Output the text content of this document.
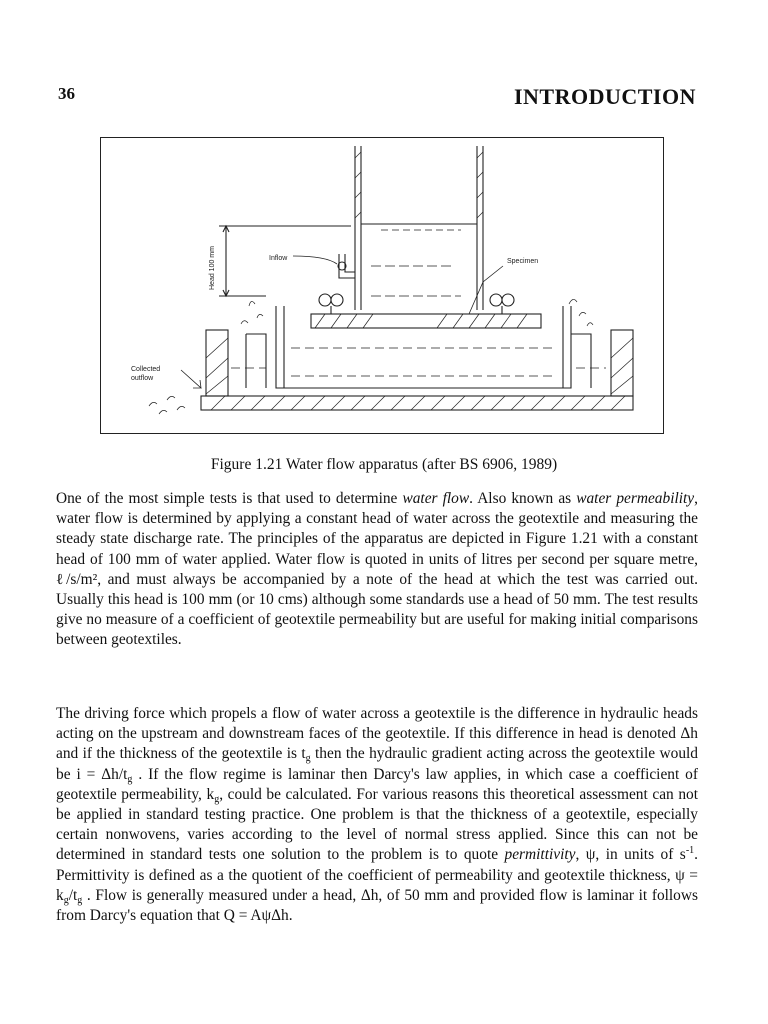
36	INTRODUCTION
Head 100 mm	Inflow	Specimen
Collected
outflow
Figure 1.21 Water flow apparatus (after BS 6906, 1989)

One of the most simple tests is that used to determine water flow. Also known as water permeability, water flow is determined by applying a constant head of water across the geotextile and measuring the steady state discharge rate. The principles of the apparatus are depicted in Figure 1.21 with a constant head of 100 mm of water applied. Water flow is quoted in units of litres per second per square metre, ℓ/s/m², and must always be accompanied by a note of the head at which the test was carried out. Usually this head is 100 mm (or 10 cms) although some standards use a head of 50 mm. The test results give no measure of a coefficient of geotextile permeability but are useful for making initial comparisons between geotextiles.

The driving force which propels a flow of water across a geotextile is the difference in hydraulic heads acting on the upstream and downstream faces of the geotextile. If this difference in head is denoted Δh and if the thickness of the geotextile is $t_g$ then the hydraulic gradient acting across the geotextile would be $i = \Delta h/t_g$ . If the flow regime is laminar then Darcy's law applies, in which case a coefficient of geotextile permeability, $k_g$, could be calculated. For various reasons this theoretical assessment can not be applied in standard testing practice. One problem is that the thickness of a geotextile, especially certain nonwovens, varies according to the level of normal stress applied. Since this can not be determined in standard tests one solution to the problem is to quote permittivity, ψ, in units of $s^{-1}$. Permittivity is defined as a the quotient of the coefficient of permeability and geotextile thickness, $\psi = k_g/t_g$ . Flow is generally measured under a head, Δh, of 50 mm and provided flow is laminar it follows from Darcy's equation that Q = AψΔh.
